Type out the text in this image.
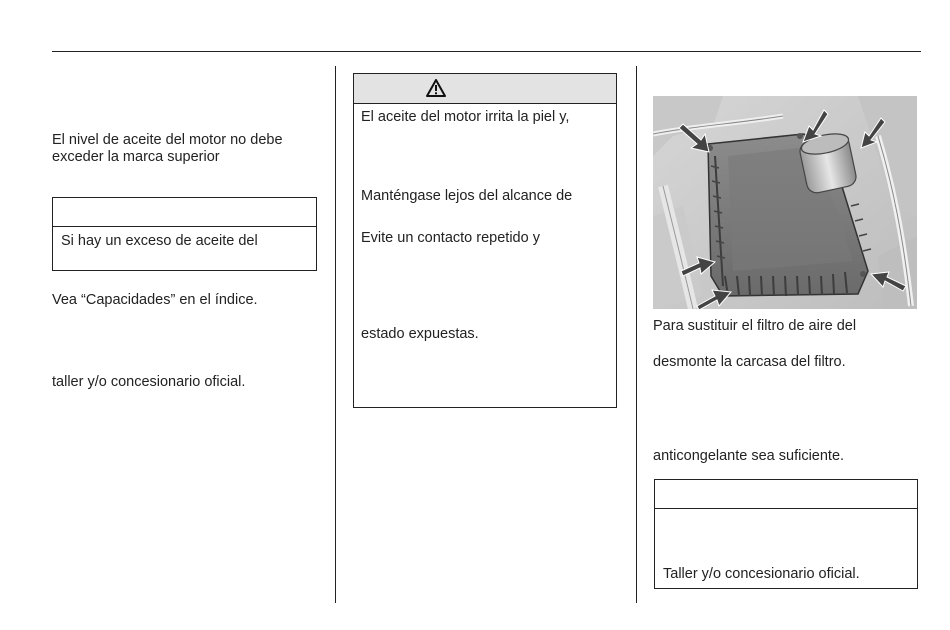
El nivel de aceite del motor no debe
exceder la marca superior
Si hay un exceso de aceite del
Vea “Capacidades” en el índice.
taller y/o concesionario oficial.
El aceite del motor irrita la piel y,
Manténgase lejos del alcance de
Evite un contacto repetido y
estado expuestas.	Para sustituir el filtro de aire del
desmonte la carcasa del filtro.
anticongelante sea suficiente.
Taller y/o concesionario oficial.
